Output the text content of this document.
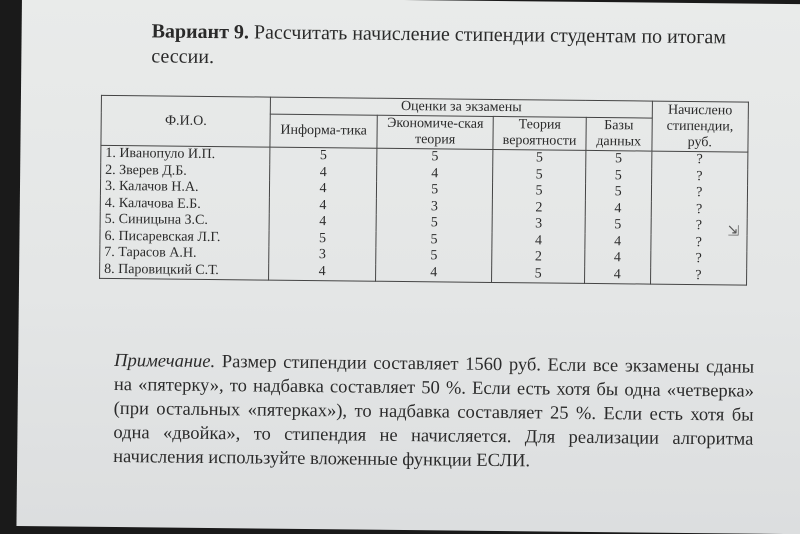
Вариант 9. Рассчитать начисление стипендии студентам по итогам сессии.
Ф.И.О.	Оценки за экзамены				Начислено стипендии, руб.
	Информа-тика	Экономиче-ская теория	Теория вероятности	Базы данных	
1. Иванопуло И.П.	5	5	5	5	?
2. Зверев Д.Б.	4	4	5	5	?
3. Калачов Н.А.	4	5	5	5	?
4. Калачова Е.Б.	4	3	2	4	?
5. Синицына З.С.	4	5	3	5	?
6. Писаревская Л.Г.	5	5	4	4	?
7. Тарасов А.Н.	3	5	2	4	?
8. Паровицкий С.Т.	4	4	5	4	?
Примечание. Размер стипендии составляет 1560 руб. Если все экзамены сданы на «пятерку», то надбавка составляет 50 %. Если есть хотя бы одна «четверка» (при остальных «пятерках»), то надбавка составляет 25 %. Если есть хотя бы одна «двойка», то стипендия не начисляется. Для реализации алгоритма начисления используйте вложенные функции ЕСЛИ.
⇲
